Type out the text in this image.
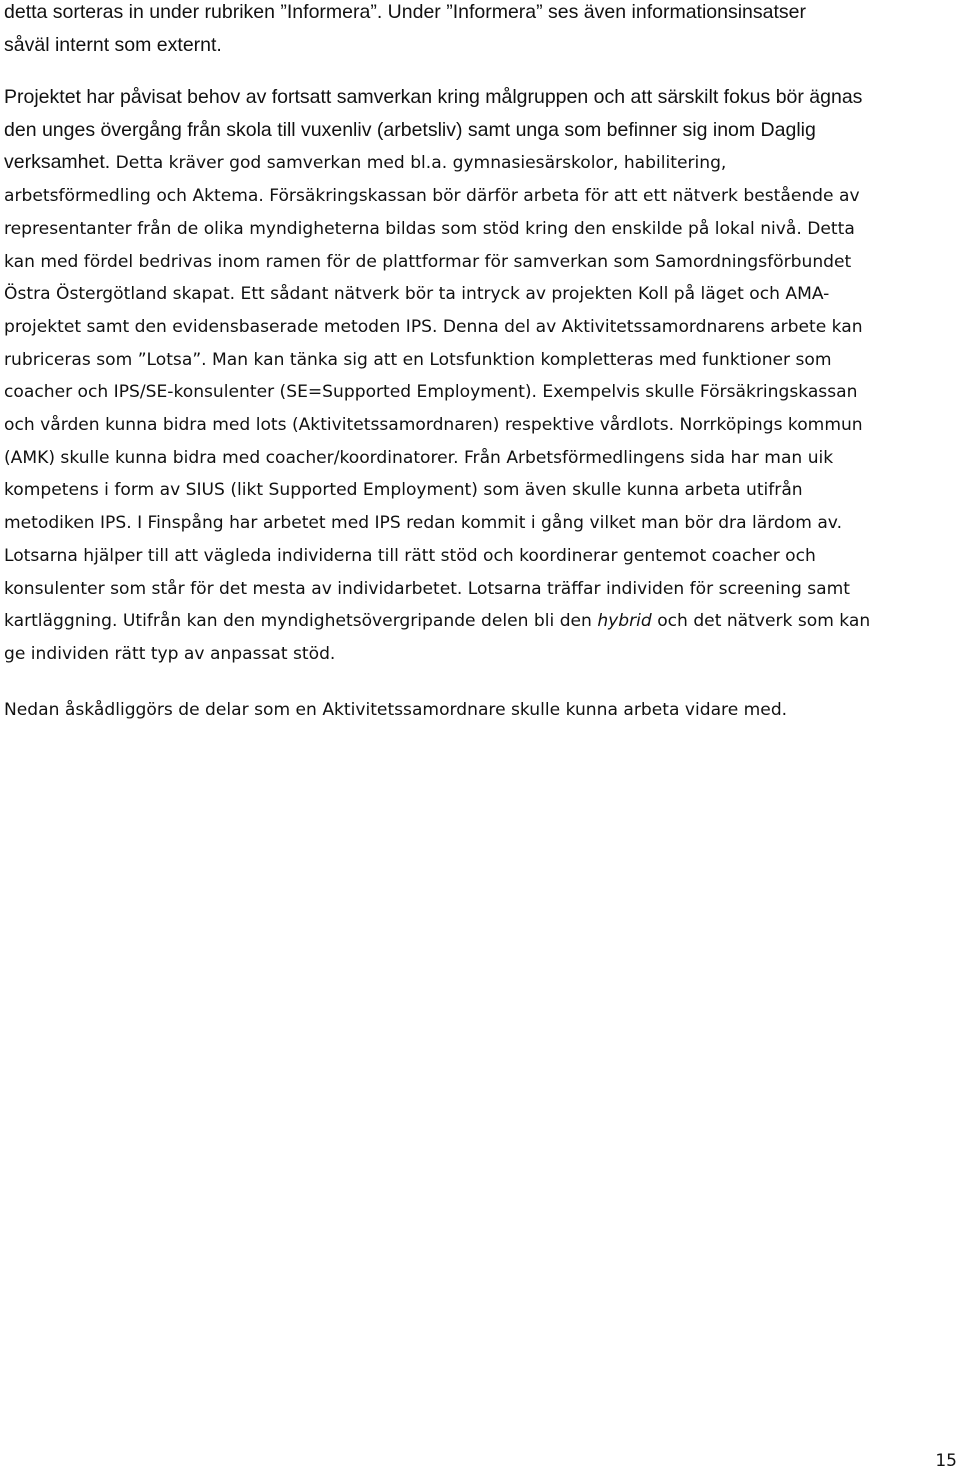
detta sorteras in under rubriken ”Informera”. Under ”Informera” ses även informationsinsatser
såväl internt som externt.
Projektet har påvisat behov av fortsatt samverkan kring målgruppen och att särskilt fokus bör ägnas
den unges övergång från skola till vuxenliv (arbetsliv) samt unga som befinner sig inom Daglig
verksamhet. Detta kräver god samverkan med bl.a. gymnasiesärskolor, habilitering,
arbetsförmedling och Aktema. Försäkringskassan bör därför arbeta för att ett nätverk bestående av
representanter från de olika myndigheterna bildas som stöd kring den enskilde på lokal nivå. Detta
kan med fördel bedrivas inom ramen för de plattformar för samverkan som Samordningsförbundet
Östra Östergötland skapat. Ett sådant nätverk bör ta intryck av projekten Koll på läget och AMA-
projektet samt den evidensbaserade metoden IPS. Denna del av Aktivitetssamordnarens arbete kan
rubriceras som ”Lotsa”. Man kan tänka sig att en Lotsfunktion kompletteras med funktioner som
coacher och IPS/SE-konsulenter (SE=Supported Employment). Exempelvis skulle Försäkringskassan
och vården kunna bidra med lots (Aktivitetssamordnaren) respektive vårdlots. Norrköpings kommun
(AMK) skulle kunna bidra med coacher/koordinatorer. Från Arbetsförmedlingens sida har man uik
kompetens i form av SIUS (likt Supported Employment) som även skulle kunna arbeta utifrån
metodiken IPS. I Finspång har arbetet med IPS redan kommit i gång vilket man bör dra lärdom av.
Lotsarna hjälper till att vägleda individerna till rätt stöd och koordinerar gentemot coacher och
konsulenter som står för det mesta av individarbetet. Lotsarna träffar individen för screening samt
kartläggning. Utifrån kan den myndighetsövergripande delen bli den hybrid och det nätverk som kan
ge individen rätt typ av anpassat stöd.

Nedan åskådliggörs de delar som en Aktivitetssamordnare skulle kunna arbeta vidare med.

15
